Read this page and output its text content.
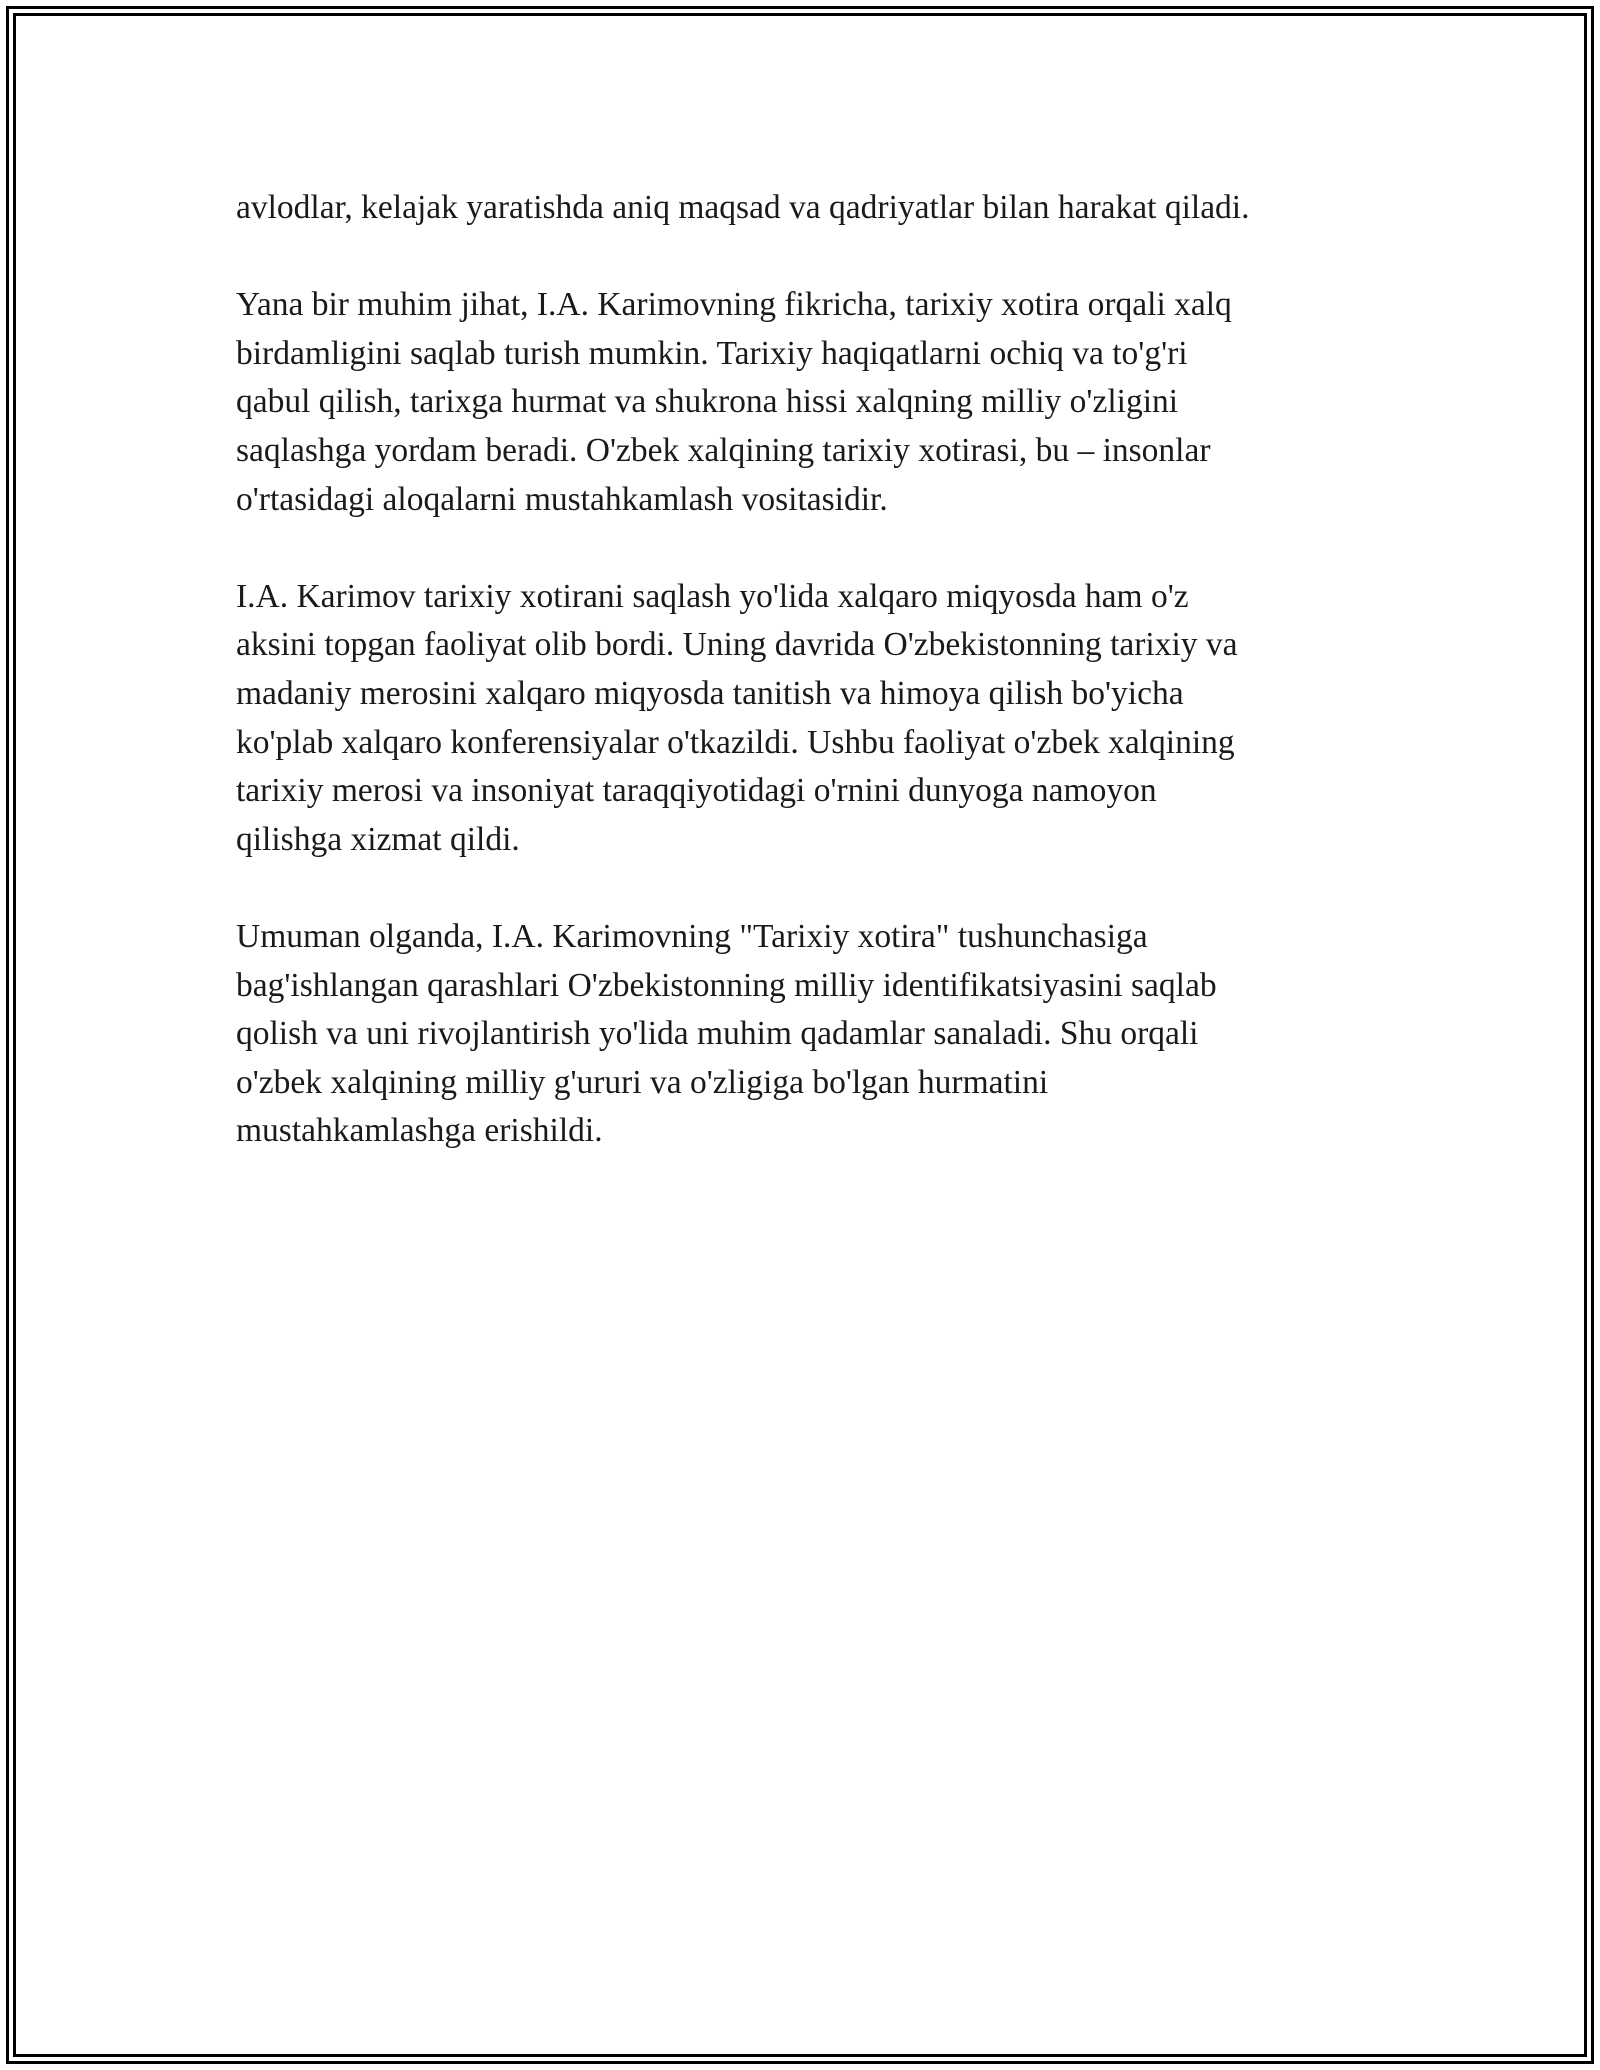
avlodlar, kelajak yaratishda aniq maqsad va qadriyatlar bilan harakat qiladi.

Yana bir muhim jihat, I.A. Karimovning fikricha, tarixiy xotira orqali xalq
birdamligini saqlab turish mumkin. Tarixiy haqiqatlarni ochiq va to'g'ri
qabul qilish, tarixga hurmat va shukrona hissi xalqning milliy o'zligini
saqlashga yordam beradi. O'zbek xalqining tarixiy xotirasi, bu – insonlar
o'rtasidagi aloqalarni mustahkamlash vositasidir.

I.A. Karimov tarixiy xotirani saqlash yo'lida xalqaro miqyosda ham o'z
aksini topgan faoliyat olib bordi. Uning davrida O'zbekistonning tarixiy va
madaniy merosini xalqaro miqyosda tanitish va himoya qilish bo'yicha
ko'plab xalqaro konferensiyalar o'tkazildi. Ushbu faoliyat o'zbek xalqining
tarixiy merosi va insoniyat taraqqiyotidagi o'rnini dunyoga namoyon
qilishga xizmat qildi.

Umuman olganda, I.A. Karimovning "Tarixiy xotira" tushunchasiga
bag'ishlangan qarashlari O'zbekistonning milliy identifikatsiyasini saqlab
qolish va uni rivojlantirish yo'lida muhim qadamlar sanaladi. Shu orqali
o'zbek xalqining milliy g'ururi va o'zligiga bo'lgan hurmatini
mustahkamlashga erishildi.
